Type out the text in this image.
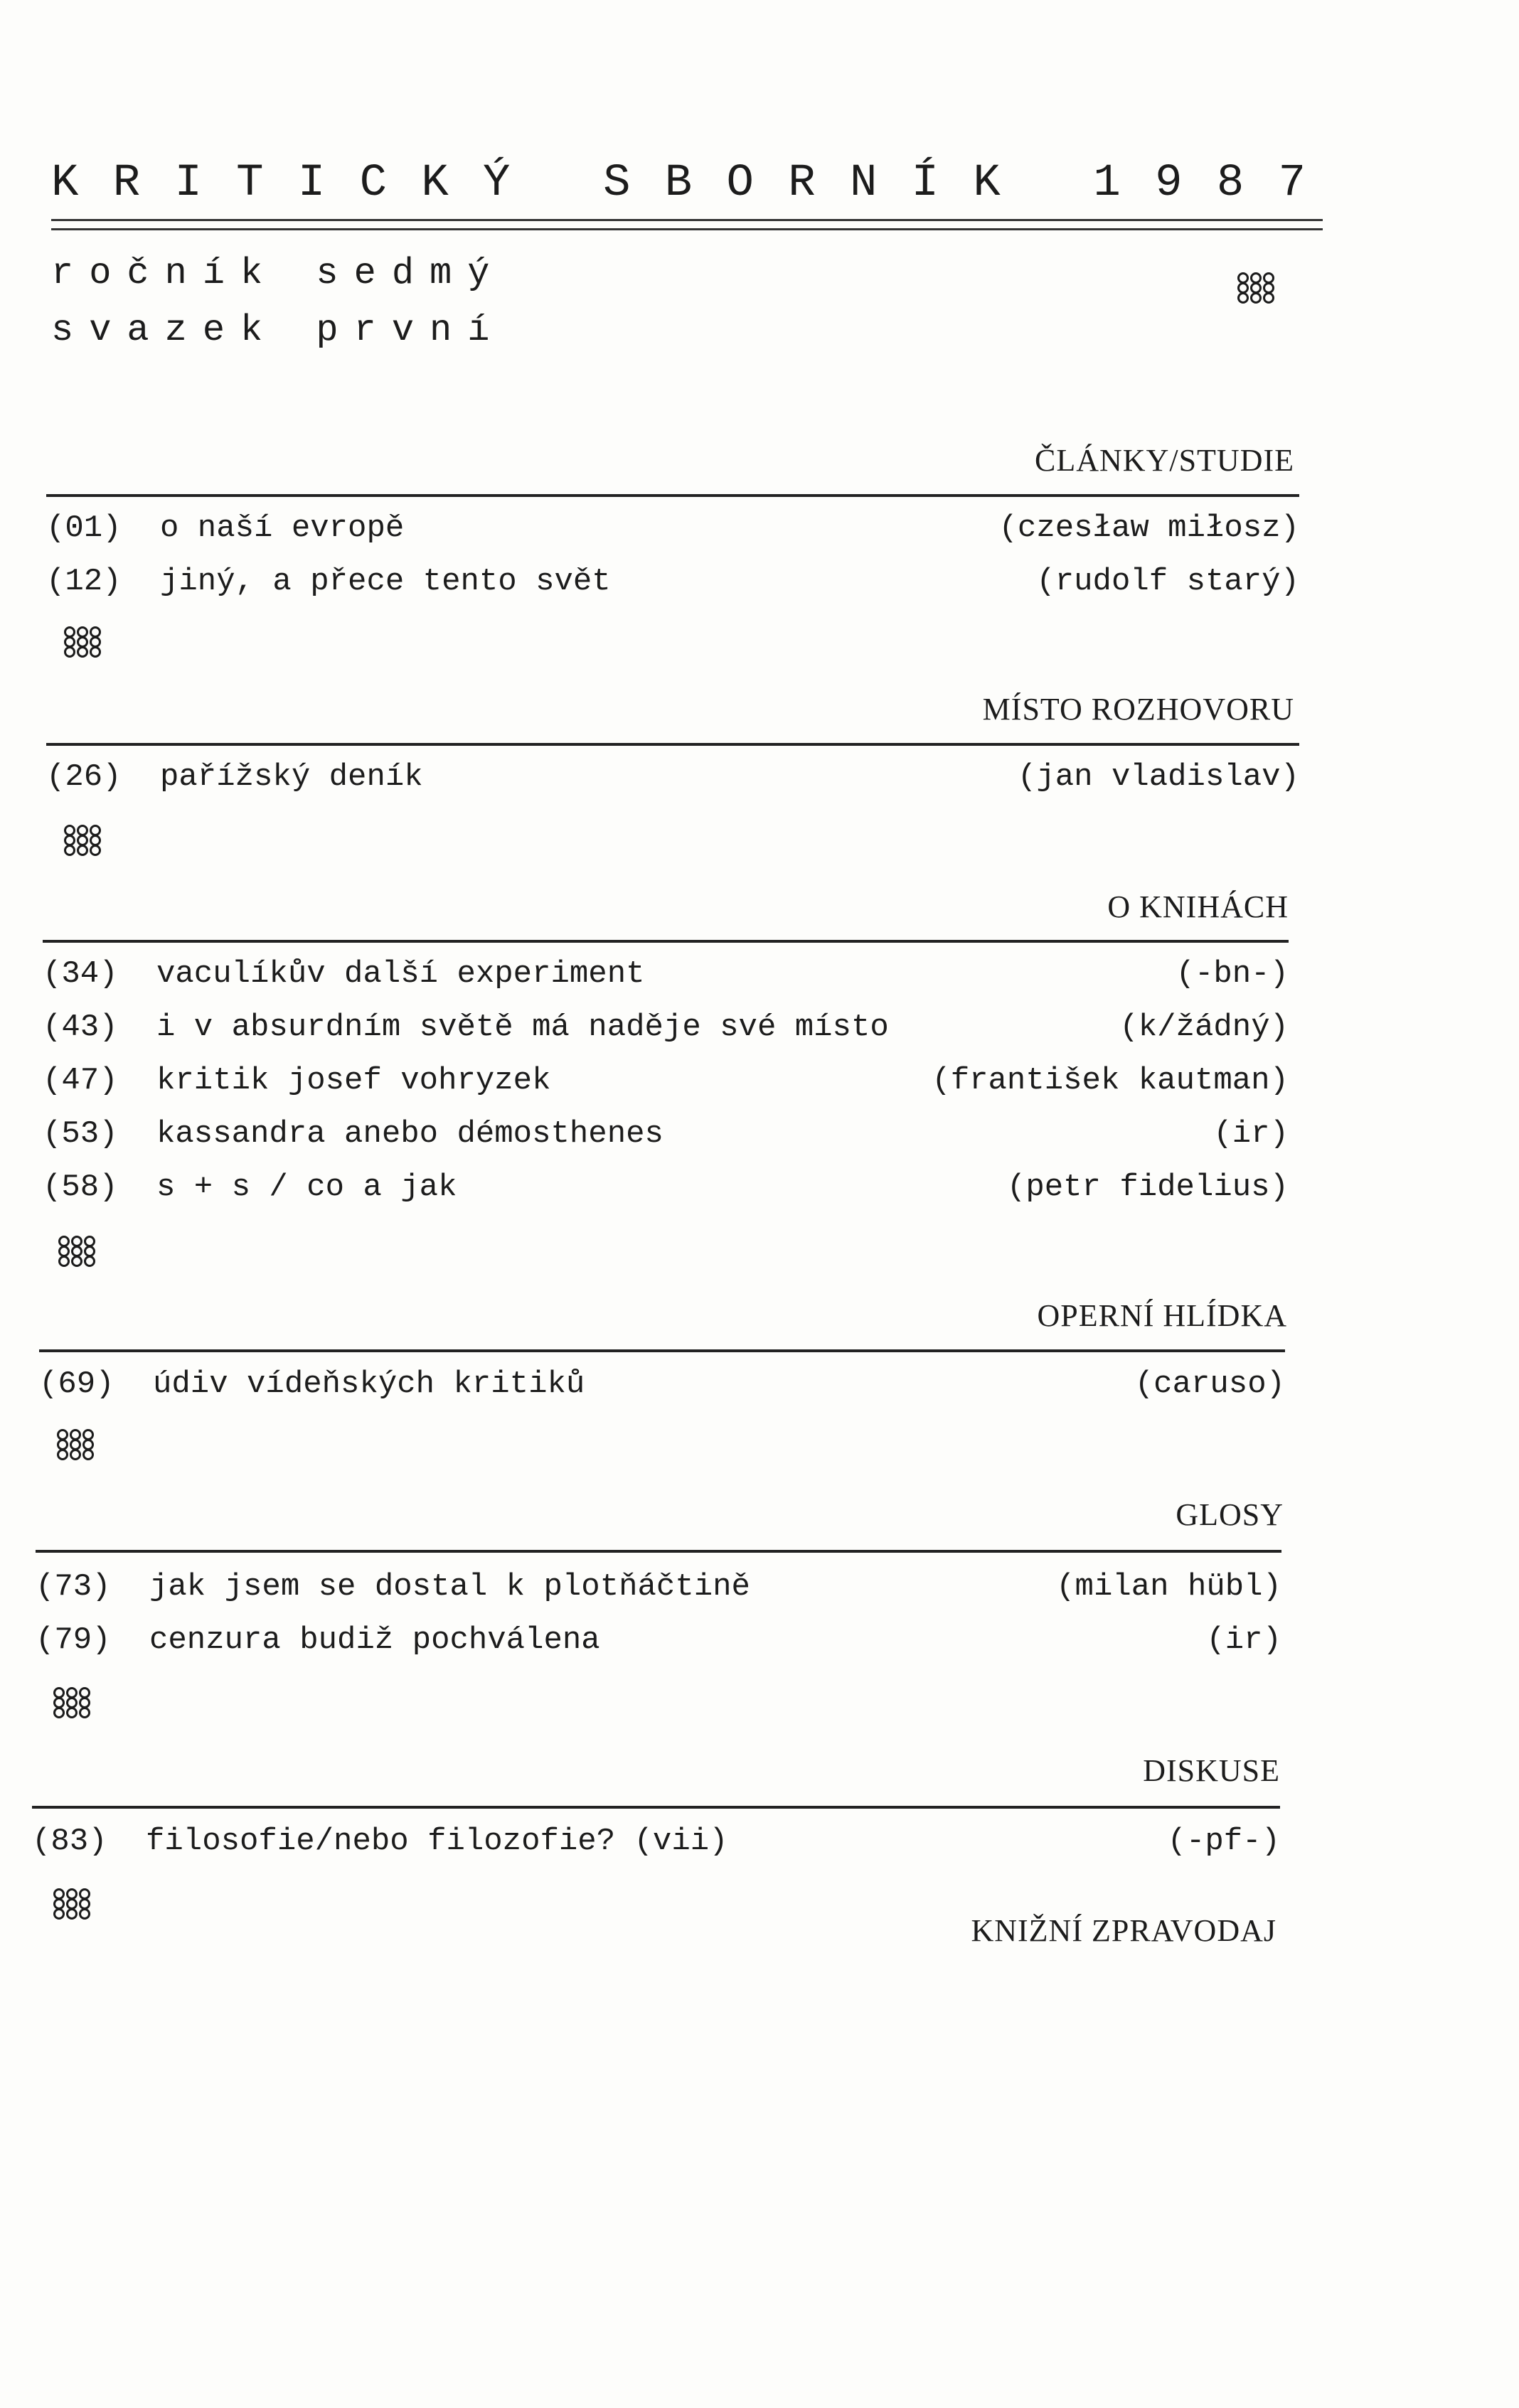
K R I T I C K Ý S B O R N Í K 1 9 8 7
ročník sedmý
svazek první
ČLÁNKY/STUDIE
(01)	o naší evropě	(czesław miłosz)
(12)	jiný, a přece tento svět	(rudolf starý)
MÍSTO ROZHOVORU
(26)	pařížský deník	(jan vladislav)
O KNIHÁCH
(34)	vaculíkův další experiment	(-bn-)
(43)	i v absurdním světě má naděje své místo	(k/žádný)
(47)	kritik josef vohryzek	(františek kautman)
(53)	kassandra anebo démosthenes	(ir)
(58)	s + s / co a jak	(petr fidelius)
OPERNÍ HLÍDKA
(69)	údiv vídeňských kritiků	(caruso)
GLOSY
(73)	jak jsem se dostal k plotňáčtině	(milan hübl)
(79)	cenzura budiž pochválena	(ir)
DISKUSE
(83)	filosofie/nebo filozofie? (vii)	(-pf-)
KNIŽNÍ ZPRAVODAJ
